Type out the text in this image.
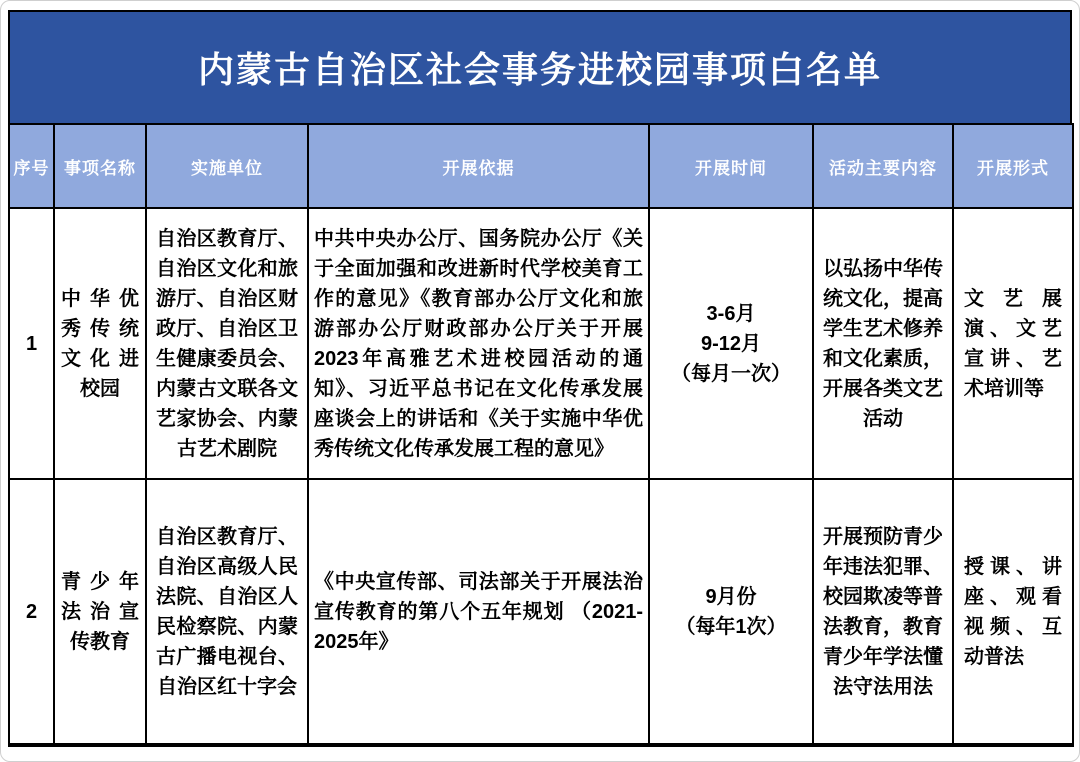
内蒙古自治区社会事务进校园事项白名单
序号	事项名称	实施单位	开展依据	开展时间	活动主要内容	开展形式
1	中华优秀传统文化进校园	自治区教育厅、自治区文化和旅游厅、自治区财政厅、自治区卫生健康委员会、内蒙古文联各文艺家协会、内蒙古艺术剧院	中共中央办公厅、国务院办公厅《关于全面加强和改进新时代学校美育工作的意见》《教育部办公厅文化和旅游部办公厅财政部办公厅关于开展2023年高雅艺术进校园活动的通知》、习近平总书记在文化传承发展座谈会上的讲话和《关于实施中华优秀传统文化传承发展工程的意见》	3-6月
9-12月
（每月一次）	以弘扬中华传统文化，提高学生艺术修养和文化素质，开展各类文艺活动	文艺展演、文艺宣讲、艺术培训等
2	青少年法治宣传教育	自治区教育厅、自治区高级人民法院、自治区人民检察院、内蒙古广播电视台、自治区红十字会	《中央宣传部、司法部关于开展法治宣传教育的第八个五年规划 （2021-2025年》	9月份
（每年1次）	开展预防青少年违法犯罪、校园欺凌等普法教育，教育青少年学法懂法守法用法	授课、讲座、观看视频、互动普法
